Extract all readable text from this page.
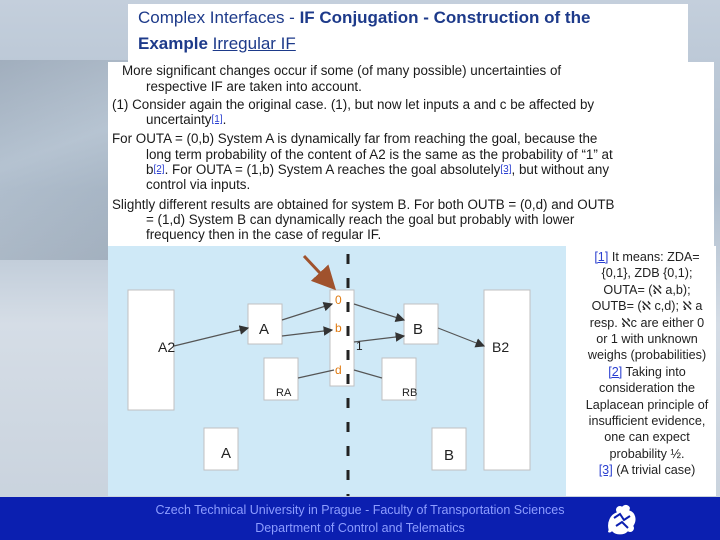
Complex Interfaces - IF Conjugation - Construction of the
Example Irregular IF
More significant changes occur if some (of many possible) uncertainties of
respective IF are taken into account.
(1) Consider again the original case. (1), but now let inputs a and c be affected by
uncertainty[1].
For OUTA = (0,b) System A is dynamically far from reaching the goal, because the
long term probability of the content of A2 is the same as the probability of “1” at
b[2]. For OUTA = (1,b) System A reaches the goal absolutely[3], but without any
control via inputs.
Slightly different results are obtained for system B. For both OUTB = (0,d) and OUTB
= (1,d) System B can dynamically reach the goal but probably with lower
frequency then in the case of regular IF.
[1] It means: ZDA=
{0,1}, ZDB {0,1);
OUTA= (ℵ a,b);
OUTB= (ℵ c,d); ℵ a
resp. ℵc are either 0
or 1 with unknown
weighs (probabilities)
[2] Taking into
consideration the
Laplacean principle of
insufficient evidence,
one can expect
probability ½.
[3] (A trivial case)
A2	B2
A	B
RA	RB
A	B
0
b
1
d
Czech Technical University in Prague - Faculty of Transportation Sciences
Department of Control and Telematics
